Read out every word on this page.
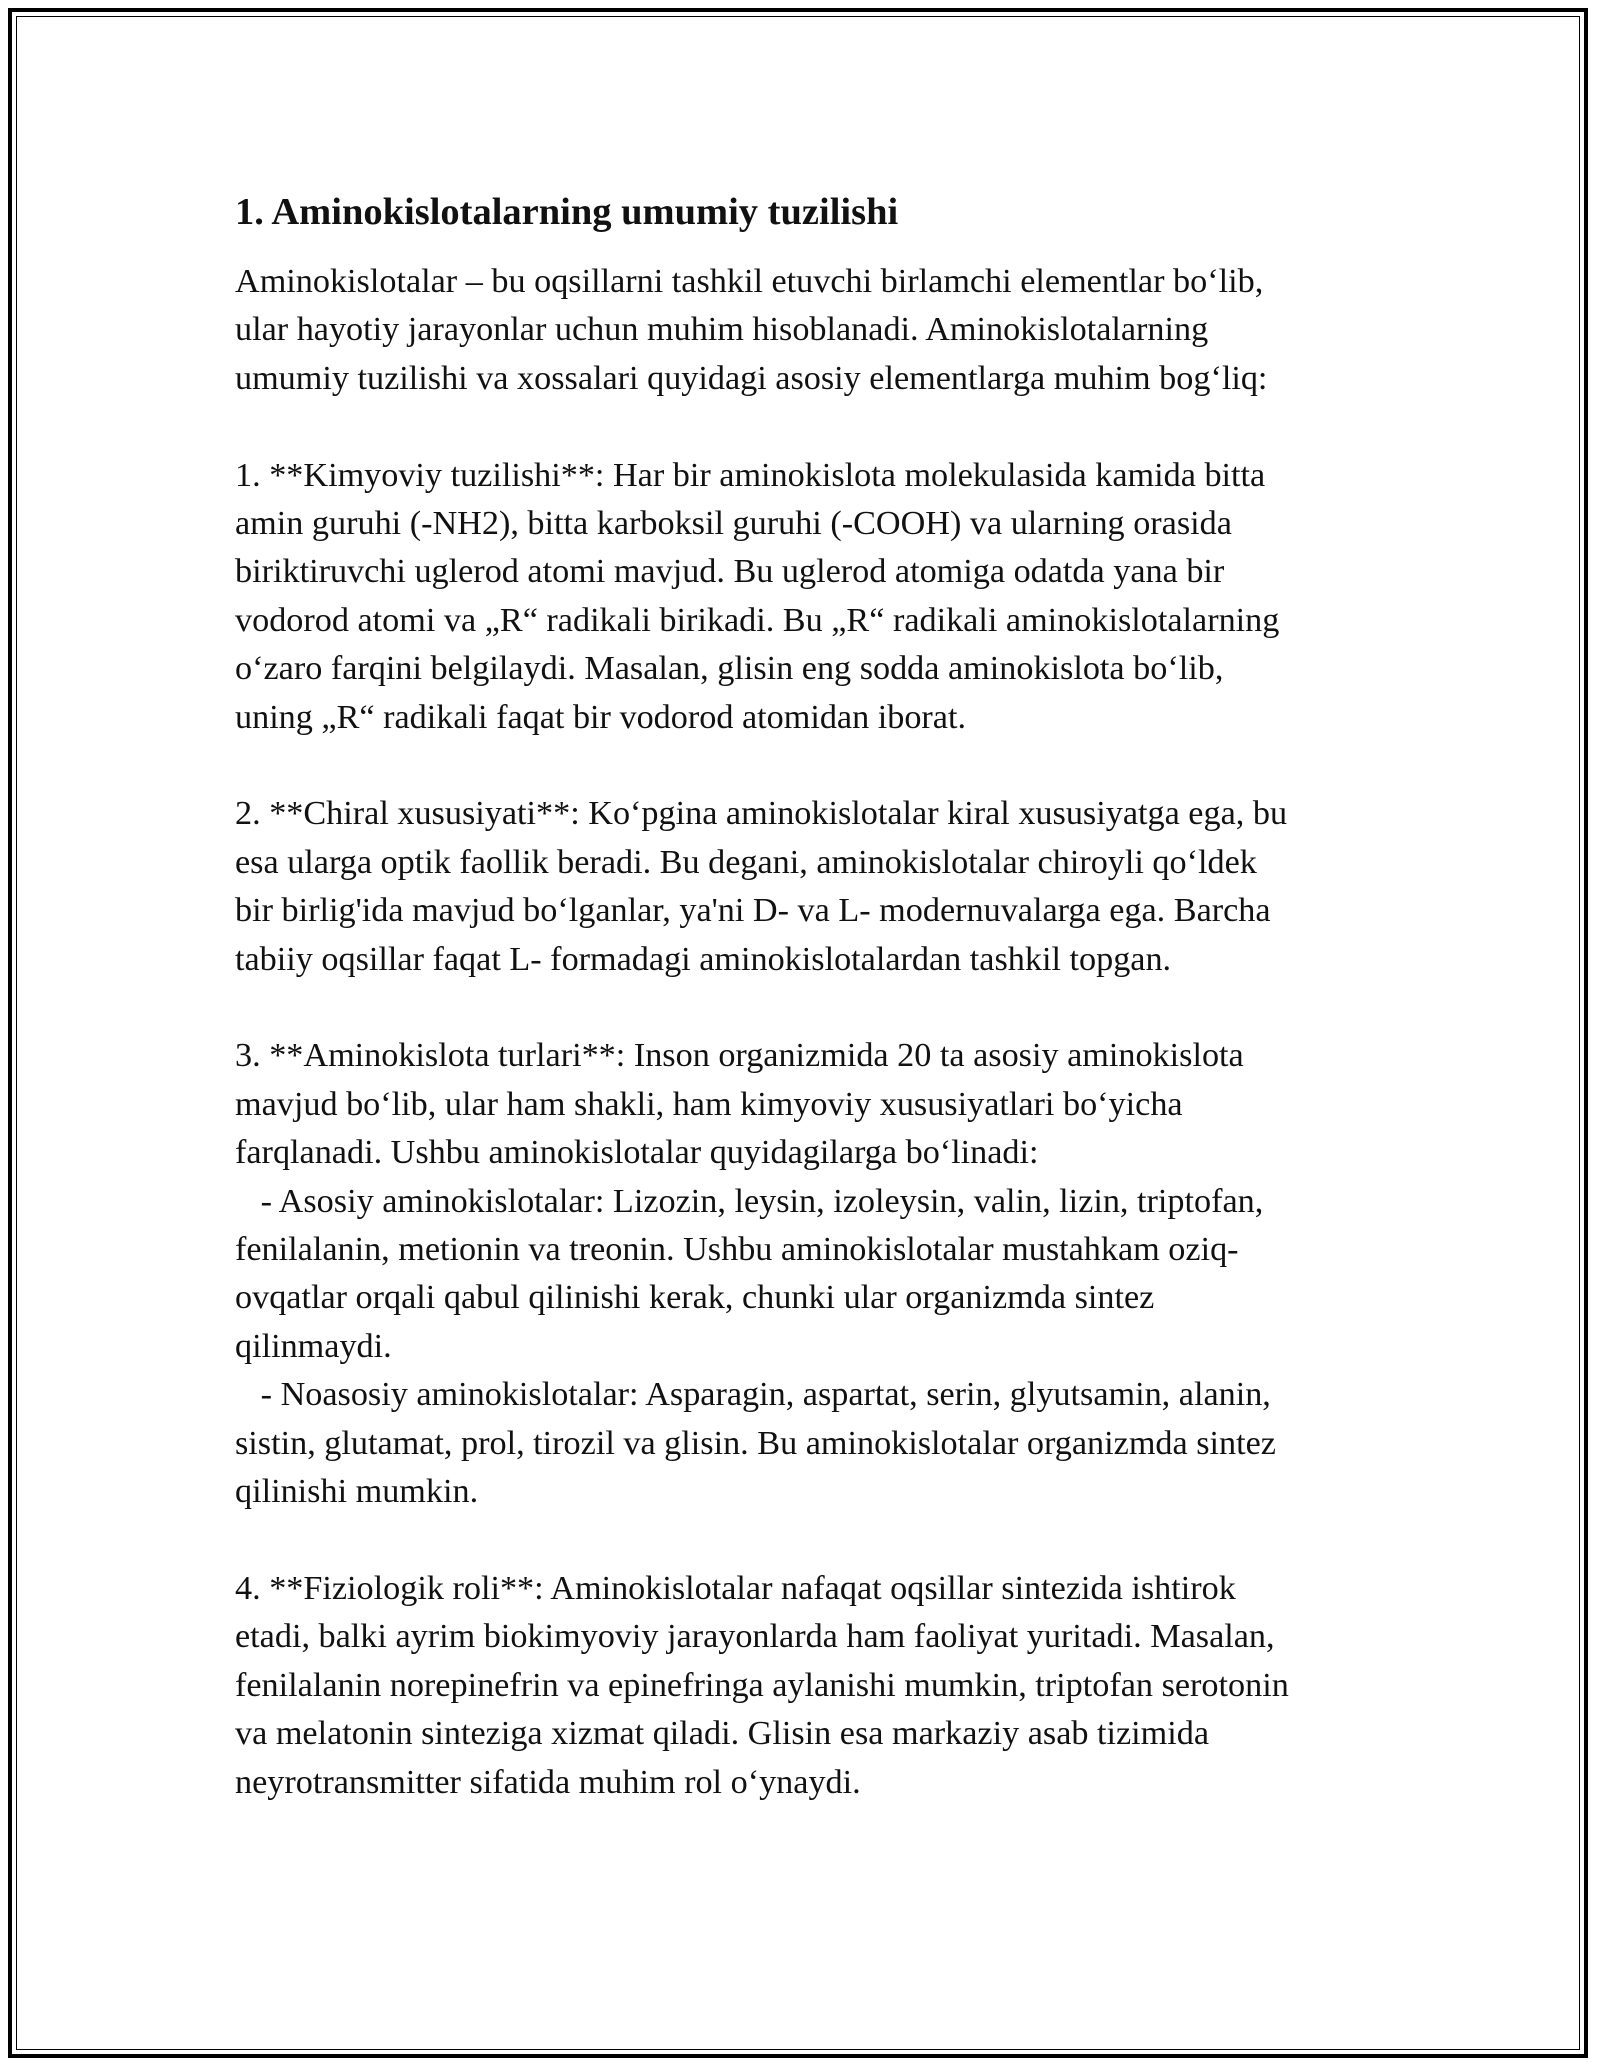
1. Aminokislotalarning umumiy tuzilishi
Aminokislotalar – bu oqsillarni tashkil etuvchi birlamchi elementlar bo‘lib,
ular hayotiy jarayonlar uchun muhim hisoblanadi. Aminokislotalarning
umumiy tuzilishi va xossalari quyidagi asosiy elementlarga muhim bog‘liq:
1. **Kimyoviy tuzilishi**: Har bir aminokislota molekulasida kamida bitta
amin guruhi (-NH2), bitta karboksil guruhi (-COOH) va ularning orasida
biriktiruvchi uglerod atomi mavjud. Bu uglerod atomiga odatda yana bir
vodorod atomi va „R“ radikali birikadi. Bu „R“ radikali aminokislotalarning
o‘zaro farqini belgilaydi. Masalan, glisin eng sodda aminokislota bo‘lib,
uning „R“ radikali faqat bir vodorod atomidan iborat.
2. **Chiral xususiyati**: Ko‘pgina aminokislotalar kiral xususiyatga ega, bu
esa ularga optik faollik beradi. Bu degani, aminokislotalar chiroyli qo‘ldek
bir birlig'ida mavjud bo‘lganlar, ya'ni D- va L- modernuvalarga ega. Barcha
tabiiy oqsillar faqat L- formadagi aminokislotalardan tashkil topgan.
3. **Aminokislota turlari**: Inson organizmida 20 ta asosiy aminokislota
mavjud bo‘lib, ular ham shakli, ham kimyoviy xususiyatlari bo‘yicha
farqlanadi. Ushbu aminokislotalar quyidagilarga bo‘linadi:
- Asosiy aminokislotalar: Lizozin, leysin, izoleysin, valin, lizin, triptofan,
fenilalanin, metionin va treonin. Ushbu aminokislotalar mustahkam oziq-
ovqatlar orqali qabul qilinishi kerak, chunki ular organizmda sintez
qilinmaydi.
- Noasosiy aminokislotalar: Asparagin, aspartat, serin, glyutsamin, alanin,
sistin, glutamat, prol, tirozil va glisin. Bu aminokislotalar organizmda sintez
qilinishi mumkin.
4. **Fiziologik roli**: Aminokislotalar nafaqat oqsillar sintezida ishtirok
etadi, balki ayrim biokimyoviy jarayonlarda ham faoliyat yuritadi. Masalan,
fenilalanin norepinefrin va epinefringa aylanishi mumkin, triptofan serotonin
va melatonin sinteziga xizmat qiladi. Glisin esa markaziy asab tizimida
neyrotransmitter sifatida muhim rol o‘ynaydi.
